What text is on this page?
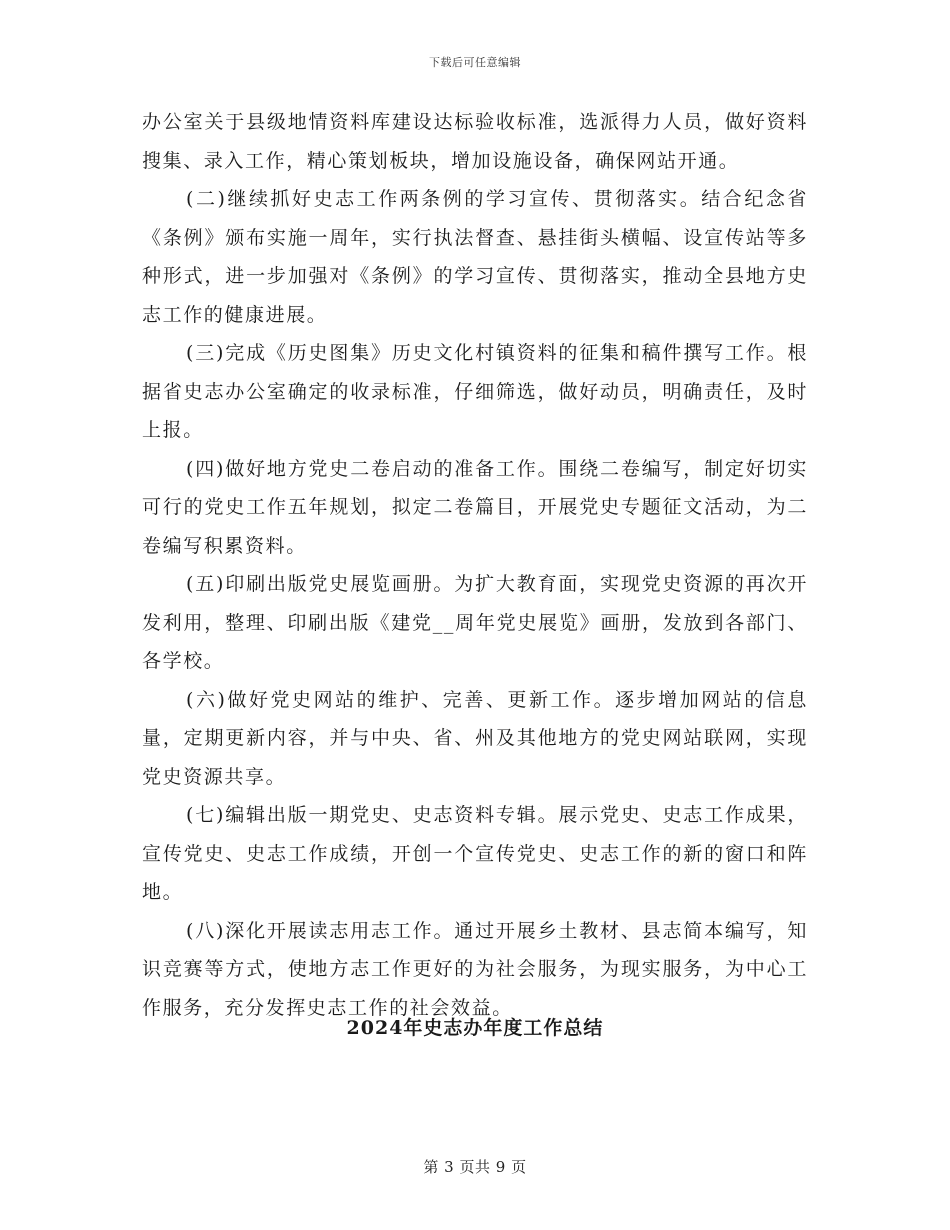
下载后可任意编辑

办公室关于县级地情资料库建设达标验收标准，选派得力人员，做好资料搜集、录入工作，精心策划板块，增加设施设备，确保网站开通。

(二)继续抓好史志工作两条例的学习宣传、贯彻落实。结合纪念省《条例》颁布实施一周年，实行执法督查、悬挂街头横幅、设宣传站等多种形式，进一步加强对《条例》的学习宣传、贯彻落实，推动全县地方史志工作的健康进展。

(三)完成《历史图集》历史文化村镇资料的征集和稿件撰写工作。根据省史志办公室确定的收录标准，仔细筛选，做好动员，明确责任，及时上报。

(四)做好地方党史二卷启动的准备工作。围绕二卷编写，制定好切实可行的党史工作五年规划，拟定二卷篇目，开展党史专题征文活动，为二卷编写积累资料。

(五)印刷出版党史展览画册。为扩大教育面，实现党史资源的再次开发利用，整理、印刷出版《建党__周年党史展览》画册，发放到各部门、各学校。

(六)做好党史网站的维护、完善、更新工作。逐步增加网站的信息量，定期更新内容，并与中央、省、州及其他地方的党史网站联网，实现党史资源共享。

(七)编辑出版一期党史、史志资料专辑。展示党史、史志工作成果，宣传党史、史志工作成绩，开创一个宣传党史、史志工作的新的窗口和阵地。

(八)深化开展读志用志工作。通过开展乡土教材、县志简本编写，知识竞赛等方式，使地方志工作更好的为社会服务，为现实服务，为中心工作服务，充分发挥史志工作的社会效益。

2024年史志办年度工作总结
第 3 页共 9 页
